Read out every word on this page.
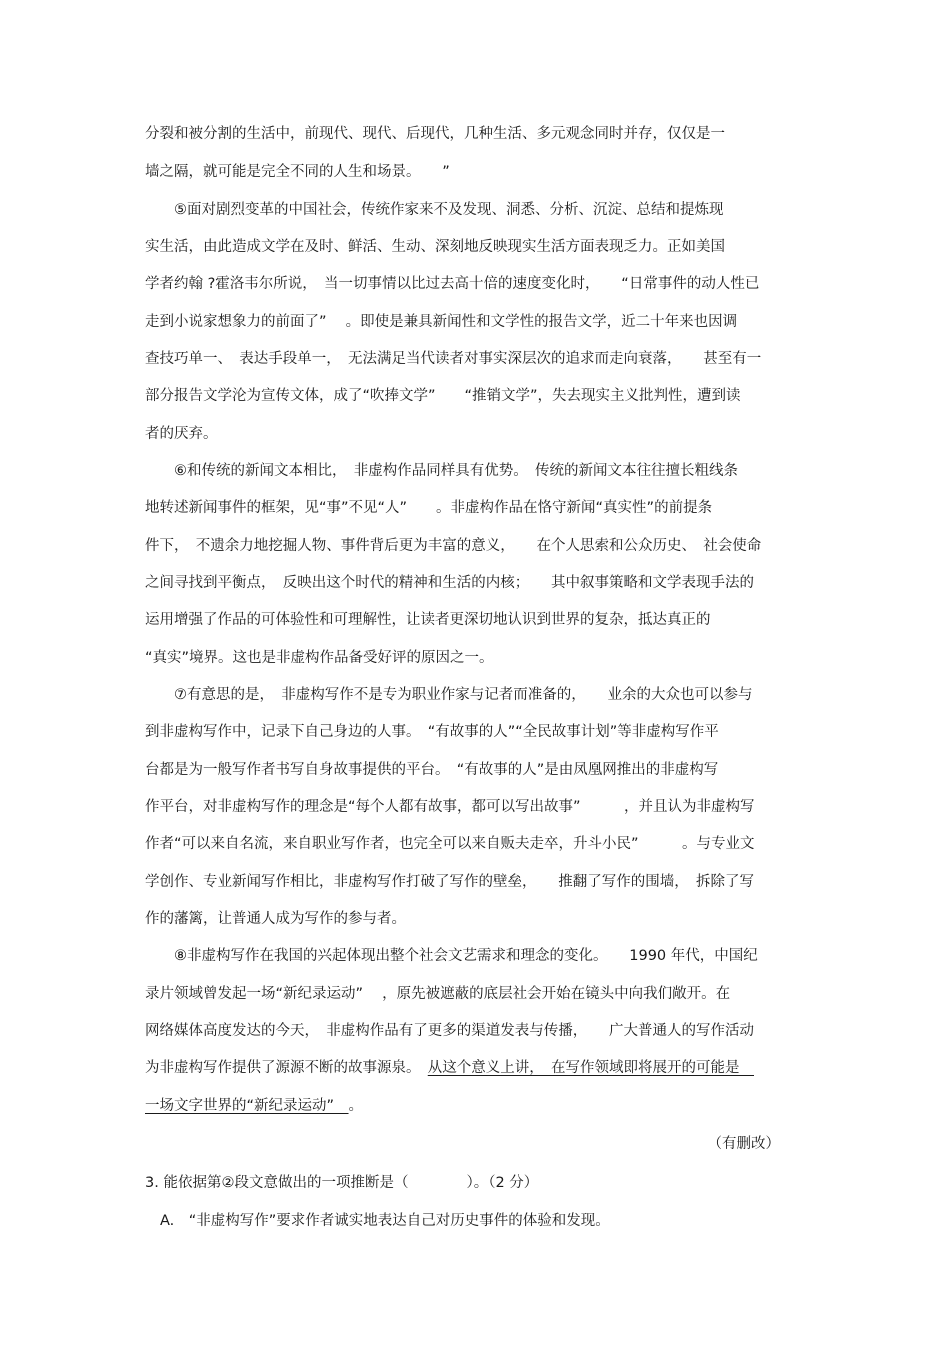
分裂和被分割的生活中，前现代、现代、后现代，几种生活、多元观念同时并存，仅仅是一
墙之隔，就可能是完全不同的人生和场景。　　”
　　⑤面对剧烈变革的中国社会，传统作家来不及发现、洞悉、分析、沉淀、总结和提炼现
实生活，由此造成文学在及时、鲜活、生动、深刻地反映现实生活方面表现乏力。正如美国
学者约翰 ?霍洛韦尔所说，　当一切事情以比过去高十倍的速度变化时，　　“日常事件的动人性已
走到小说家想象力的前面了”　 。即使是兼具新闻性和文学性的报告文学，近二十年来也因调
查技巧单一、　表达手段单一，　无法满足当代读者对事实深层次的追求而走向衰落，　　甚至有一
部分报告文学沦为宣传文体，成了“吹捧文学”　　“推销文学”，失去现实主义批判性，遭到读
者的厌弃。
　　⑥和传统的新闻文本相比，　非虚构作品同样具有优势。　传统的新闻文本往往擅长粗线条
地转述新闻事件的框架，见“事”不见“人”　　。非虚构作品在恪守新闻“真实性”的前提条
件下，　不遗余力地挖掘人物、事件背后更为丰富的意义，　　在个人思索和公众历史、　社会使命
之间寻找到平衡点，　反映出这个时代的精神和生活的内核；　　其中叙事策略和文学表现手法的
运用增强了作品的可体验性和可理解性，让读者更深切地认识到世界的复杂，抵达真正的
“真实”境界。这也是非虚构作品备受好评的原因之一。
　　⑦有意思的是，　非虚构写作不是专为职业作家与记者而准备的，　　业余的大众也可以参与
到非虚构写作中，记录下自己身边的人事。　“有故事的人”“全民故事计划”等非虚构写作平
台都是为一般写作者书写自身故事提供的平台。　“有故事的人”是由凤凰网推出的非虚构写
作平台，对非虚构写作的理念是“每个人都有故事，都可以写出故事”　　　，并且认为非虚构写
作者“可以来自名流，来自职业写作者，也完全可以来自贩夫走卒，升斗小民”　　　。与专业文
学创作、专业新闻写作相比，非虚构写作打破了写作的壁垒，　　推翻了写作的围墙，　拆除了写
作的藩篱，让普通人成为写作的参与者。
　　⑧非虚构写作在我国的兴起体现出整个社会文艺需求和理念的变化。　　1990 年代，中国纪
录片领域曾发起一场“新纪录运动”　 ，原先被遮蔽的底层社会开始在镜头中向我们敞开。在
网络媒体高度发达的今天，　非虚构作品有了更多的渠道发表与传播，　　广大普通人的写作活动
为非虚构写作提供了源源不断的故事源泉。　从这个意义上讲，　在写作领域即将展开的可能是　
一场文字世界的“新纪录运动”　。
（有删改）
3. 能依据第②段文意做出的一项推断是（　　　　）。（2 分）
A.　“非虚构写作”要求作者诚实地表达自己对历史事件的体验和发现。
